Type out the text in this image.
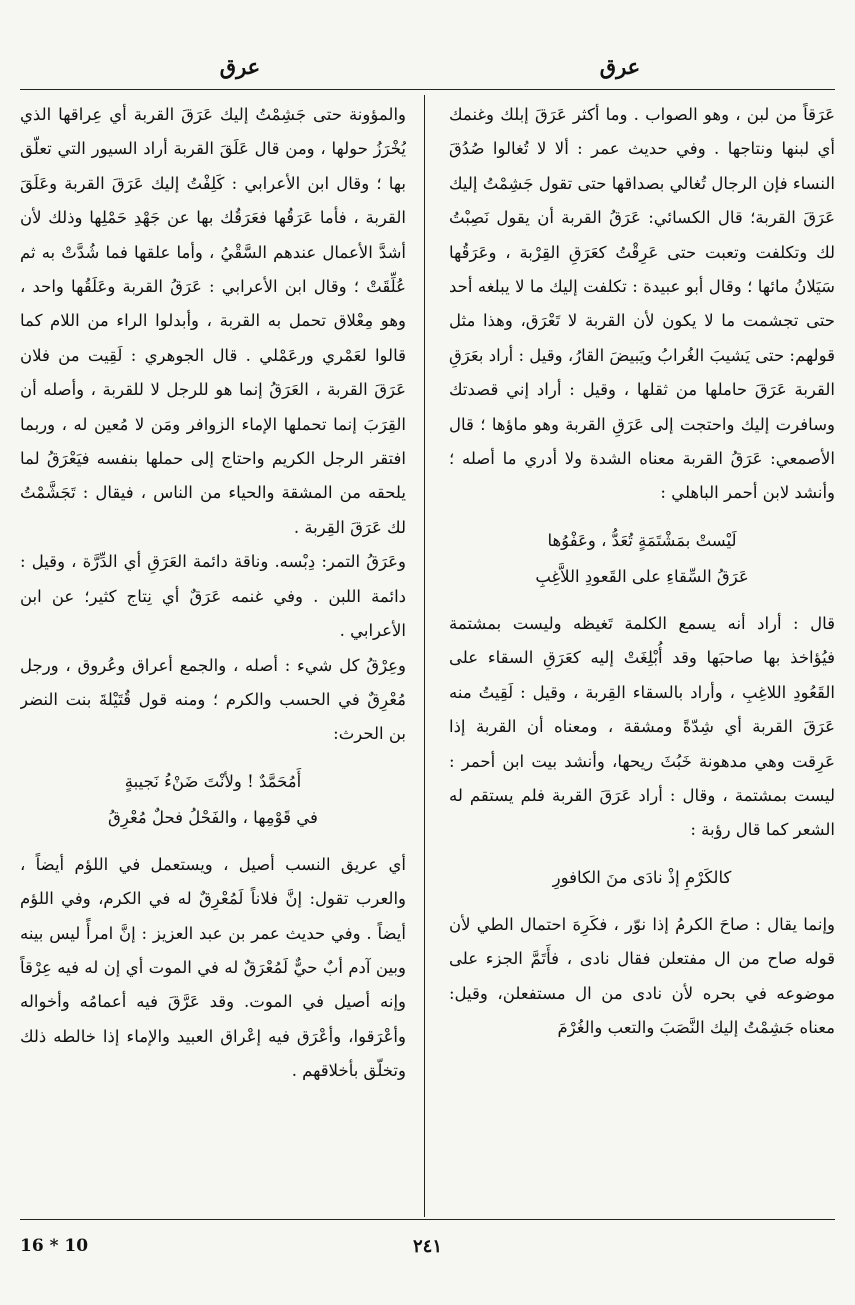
عرق
عرق

عَرَقاً من لبن ، وهو الصواب . وما أكثر عَرَقَ إبلك وغنمك أي لبنها ونتاجها . وفي حديث عمر : ألا لا تُغالوا صُدُقَ النساء فإن الرجال تُغالي بصداقها حتى تقول جَشِمْتُ إليك عَرَقَ القربة؛ قال الكسائي: عَرَقُ القربة أن يقول نَصِبْتُ لك وتكلفت وتعبت حتى عَرِقْتُ كعَرَقِ القِرْبة ، وعَرَقُها سَيَلانُ مائها ؛ وقال أبو عبيدة : تكلفت إليك ما لا يبلغه أحد حتى تجشمت ما لا يكون لأن القربة لا تَعْرَق، وهذا مثل قولهم: حتى يَشيبَ الغُرابُ ويَبيضَ القارُ، وقيل : أراد بعَرَقِ القربة عَرَقَ حاملها من ثقلها ، وقيل : أراد إني قصدتك وسافرت إليك واحتجت إلى عَرَقِ القربة وهو ماؤها ؛ قال الأصمعي: عَرَقُ القربة معناه الشدة ولا أدري ما أصله ؛ وأنشد لابن أحمر الباهلي :

لَيْستْ بمَشْتَمَةٍ تُعَدُّ ، وعَفْوُها
عَرَقُ السِّقاءِ على القَعودِ اللاَّغِبِ

قال : أراد أنه يسمع الكلمة تَغيظه وليست بمشتمة فيُؤاخذ بها صاحبَها وقد أُبْلِغَتْ إليه كعَرَقِ السقاء على القَعُودِ اللاغِبِ ، وأراد بالسقاء القِربة ، وقيل : لَقِيتُ منه عَرَقَ القربة أي شِدّةً ومشقة ، ومعناه أن القربة إذا عَرِقت وهي مدهونة خَبُثَ ريحها، وأنشد بيت ابن أحمر : ليست بمشتمة ، وقال : أراد عَرَقَ القربة فلم يستقم له الشعر كما قال رؤبة :

كالكَرْمِ إذْ نادَى منَ الكافورِ

وإنما يقال : صاحَ الكرمُ إذا نوّر ، فكَرِهَ احتمال الطي لأن قوله صاح من ال مفتعلن فقال نادى ، فأَتَمَّ الجزء على موضوعه في بحره لأن نادى من ال مستفعلن، وقيل: معناه جَشِمْتُ إليك النَّصَبَ والتعب والغُرْمَ

والمؤونة حتى جَشِمْتُ إليك عَرَقَ القربة أي عِراقها الذي يُخْرَزُ حولها ، ومن قال عَلَقَ القربة أراد السيور التي تعلّق بها ؛ وقال ابن الأعرابي : كَلِفْتُ إليك عَرَقَ القربة وعَلَقَ القربة ، فأما عَرَقُها فعَرَقُك بها عن جَهْدِ حَمْلِها وذلك لأن أشدَّ الأعمال عندهم السَّقْيُ ، وأما علقها فما شُدَّتْ به ثم عُلِّقَتْ ؛ وقال ابن الأعرابي : عَرَقُ القربة وعَلَقُها واحد ، وهو مِعْلاق تحمل به القربة ، وأبدلوا الراء من اللام كما قالوا لعَمْري ورعَمْلي . قال الجوهري : لَقِيت من فلان عَرَقَ القربة ، العَرَقُ إنما هو للرجل لا للقربة ، وأصله أن القِرَبَ إنما تحملها الإماء الزوافر ومَن لا مُعين له ، وربما افتقر الرجل الكريم واحتاج إلى حملها بنفسه فيَعْرَقُ لما يلحقه من المشقة والحياء من الناس ، فيقال : تَجَشَّمْتُ لك عَرَقَ القِربة .

وعَرَقُ التمر: دِبْسه. وناقة دائمة العَرَقِ أي الدِّرَّة ، وقيل : دائمة اللبن . وفي غنمه عَرَقٌ أي نِتاج كثير؛ عن ابن الأعرابي .

وعِرْقُ كل شيء : أصله ، والجمع أعراق وعُروق ، ورجل مُعْرِقٌ في الحسب والكرم ؛ ومنه قول قُتَيْلةَ بنت النضر بن الحرث:

أَمُحَمَّدٌ ! ولأنْتَ ضَنْءُ نَجيبةٍ
في قَوْمِها ، والفَحْلُ فحلٌ مُعْرِقُ

أي عريق النسب أصيل ، ويستعمل في اللؤم أيضاً ، والعرب تقول: إنَّ فلاناً لَمُعْرِقٌ له في الكرم، وفي اللؤم أيضاً . وفي حديث عمر بن عبد العزيز : إنَّ امرأً ليس بينه وبين آدم أبٌ حيٌّ لَمُعْرَقٌ له في الموت أي إن له فيه عِرْقاً وإنه أصيل في الموت. وقد عَرَّقَ فيه أعمامُه وأخواله وأعْرَقوا، وأعْرَق فيه إعْراق العبيد والإماء إذا خالطه ذلك وتخلّق بأخلاقهم .

٢٤١
16 * 10
